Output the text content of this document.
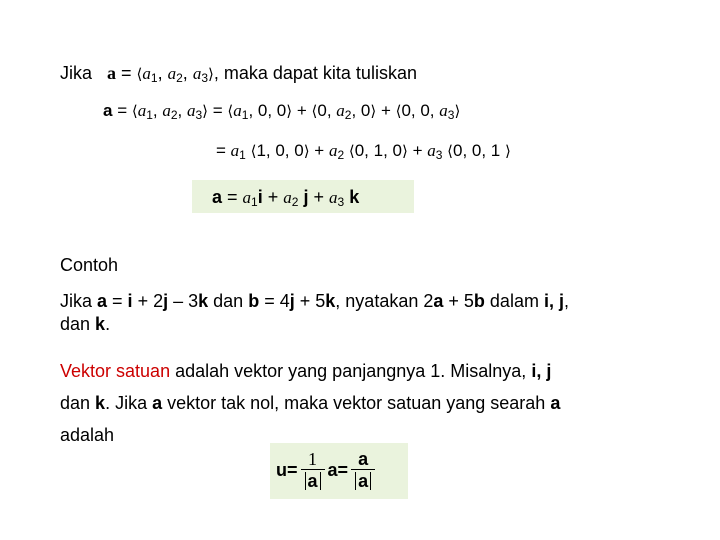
Jika $a = ⟨a_1$, $a_2$, $a_3⟩$, maka dapat kita tuliskan
$a = ⟨a_1$, $a_2$, $a_3⟩$ = $⟨a_1$, 0, 0⟩ + ⟨0, $a_2$, 0⟩ + ⟨0, 0, $a_3⟩$
= $a_1$ ⟨1, 0, 0⟩ + $a_2$ ⟨0, 1, 0⟩ + $a_3$ ⟨0, 0, 1 ⟩
$a = a_1i + a_2$ $j + a_3$ k
Contoh
Jika a = i + 2j – 3k dan b = 4j + 5k, nyatakan 2a + 5b dalam i, j,
dan k.
Vektor satuan adalah vektor yang panjangnya 1. Misalnya, i, j
dan k. Jika a vektor tak nol, maka vektor satuan yang searah a
adalah
$u = \frac{1}{a}$ $a = \frac{a}{a}$
